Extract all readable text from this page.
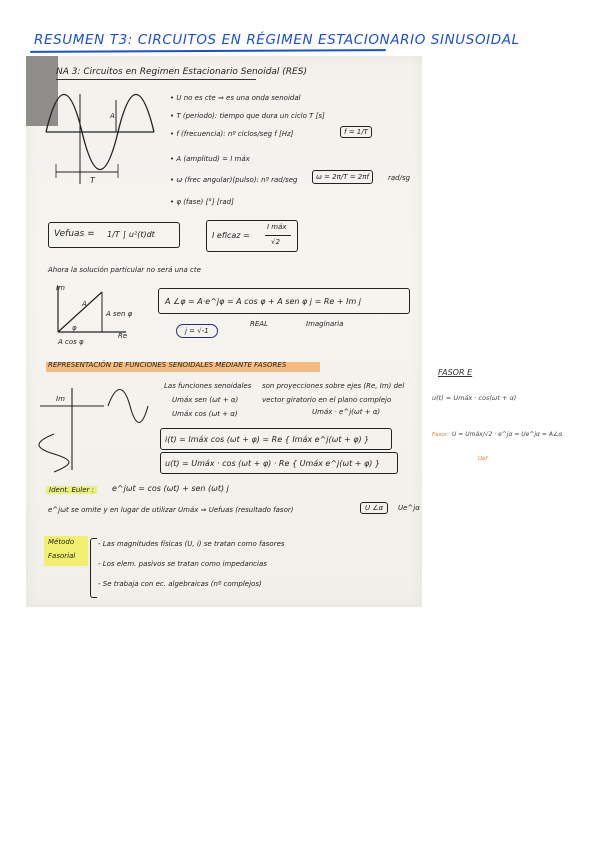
RESUMEN T3: CIRCUITOS EN RÉGIMEN ESTACIONARIO SINUSOIDAL
NA 3: Circuitos en Regimen Estacionario Senoidal (RES)
A
T
• U no es cte ⇒ es una onda senoidal
• T (periodo): tiempo que dura un ciclo T [s]
• f (frecuencia): nº ciclos/seg f [Hz]	f = 1/T
• A (amplitud) = I máx
• ω (frec angular)(pulso): nº rad/seg	ω = 2π/T = 2πf	rad/sg
• φ (fase) [°] [rad]
Vefuas = 1/T ∫ u²(t)dt	I eficaz =
I máx
√2
Ahora la solución particular no será una cte
Im
Re
A
A sen φ
φ
A cos φ
A ∠φ = A·e^jφ = A cos φ + A sen φ j = Re + Im j
REAL	Imaginaria
j = √-1
REPRESENTACIÓN DE FUNCIONES SENOIDALES MEDIANTE FASORES
Im
Las funciones senoidales
Umáx sen (ωt + α)
Umáx cos (ωt + α)
son proyecciones sobre ejes (Re, Im) del
vector giratorio en el plano complejo
Umáx · e^j(ωt + α)
i(t) = Imáx cos (ωt + φ) = Re { Imáx e^j(ωt + φ) }
u(t) = Umáx · cos (ωt + φ) · Re { Umáx e^j(ωt + φ) }
Ident. Euler :	e^jωt = cos (ωt) + sen (ωt) j
e^jωt se omite y en lugar de utilizar Umáx ⇒ Uefuas (resultado fasor)	U ∠α	Ue^jα
Método
Fasorial
- Las magnitudes físicas (U, i) se tratan como fasores
- Los elem. pasivos se tratan como impedancias
- Se trabaja con ec. algebraicas (nº complejos)
FASOR E
u(t) = Umáx · cos(ωt + α)
Fasor: U = Umáx/√2 · e^jα = Ue^jα = A∠α
Uef
